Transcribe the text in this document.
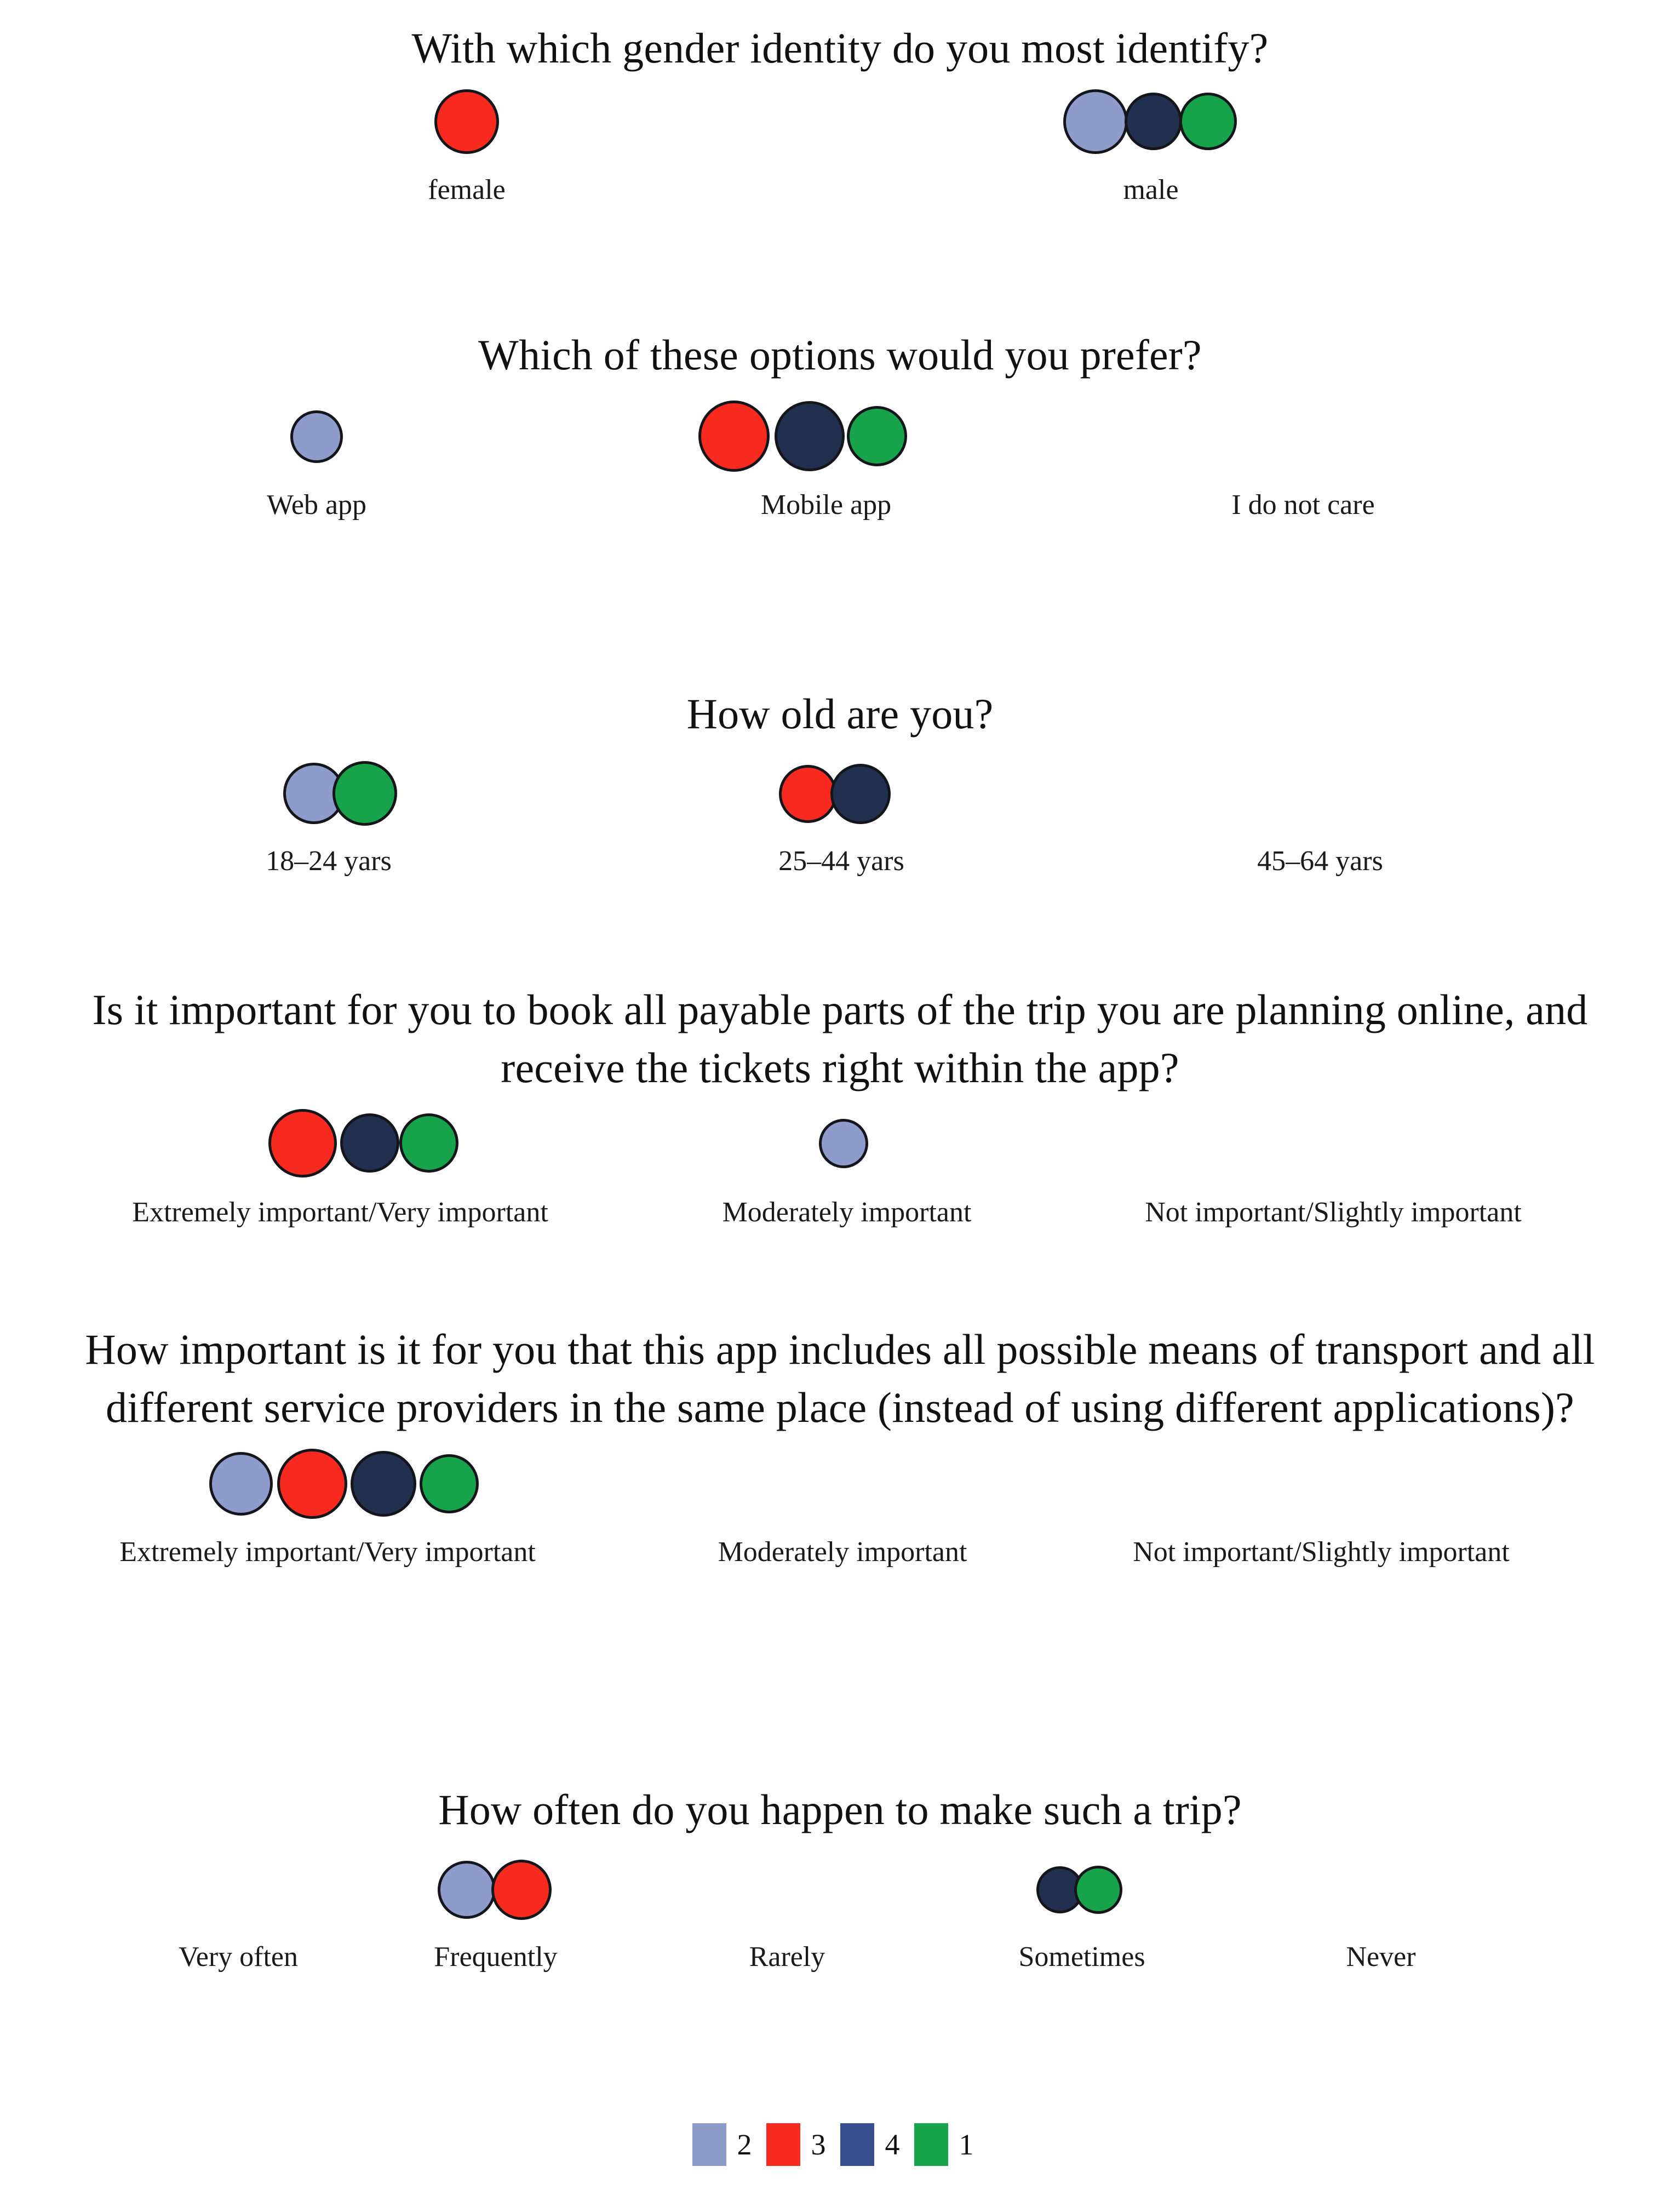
With which gender identity do you most identify?
female	male
Which of these options would you prefer?
Web app	Mobile app	I do not care
How old are you?
18–24 yars	25–44 yars	45–64 yars
Is it important for you to book all payable parts of the trip you are planning online, and receive the tickets right within the app?
Extremely important/Very important	Moderately important	Not important/Slightly important
How important is it for you that this app includes all possible means of transport and all different service providers in the same place (instead of using different applications)?
Extremely important/Very important	Moderately important	Not important/Slightly important
How often do you happen to make such a trip?
Very often	Frequently	Rarely	Sometimes	Never
2	3	4	1
